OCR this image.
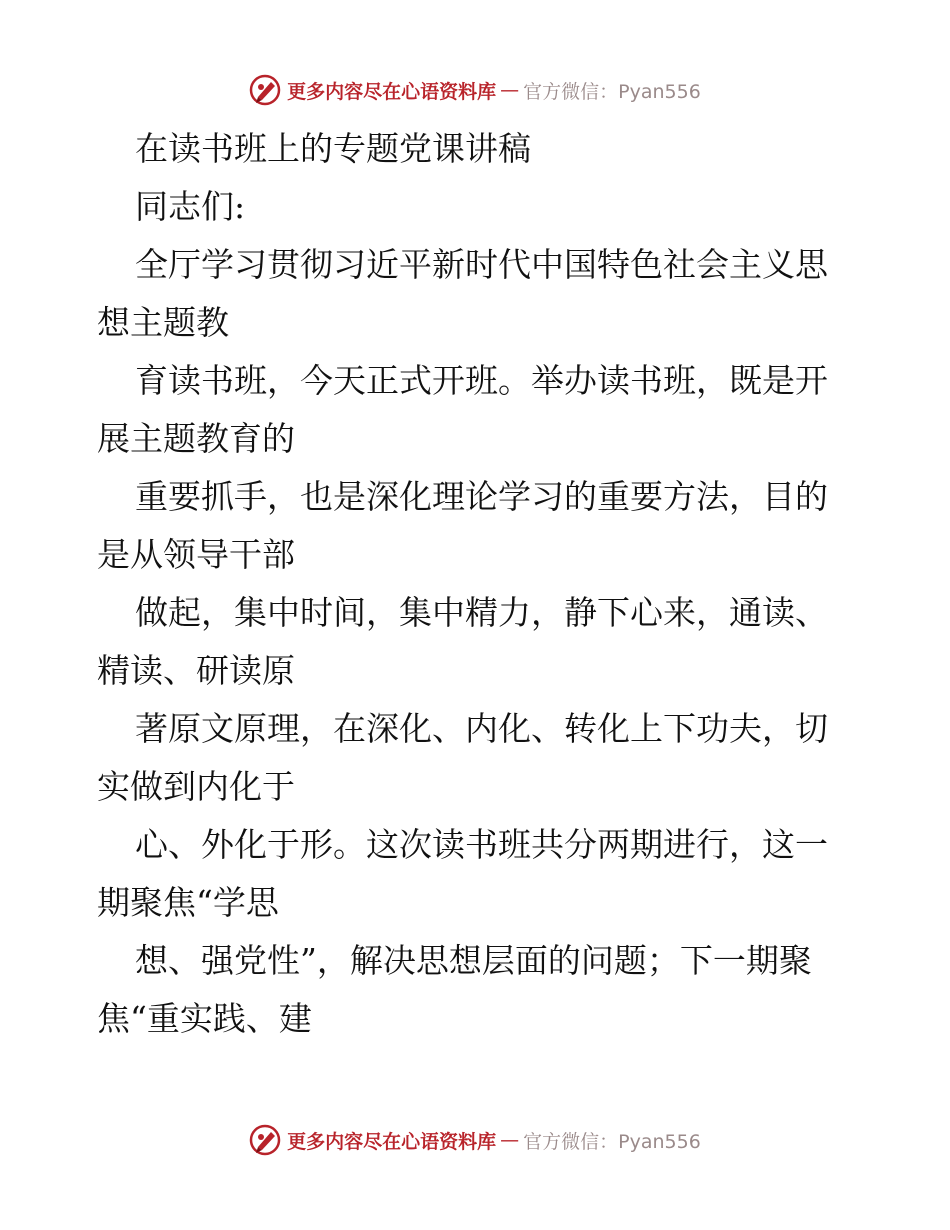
更多内容尽在心语资料库 — 官方微信：Pyan556

在读书班上的专题党课讲稿

同志们:

全厅学习贯彻习近平新时代中国特色社会主义思

想主题教

育读书班，今天正式开班。举办读书班，既是开

展主题教育的

重要抓手，也是深化理论学习的重要方法，目的

是从领导干部

做起，集中时间，集中精力，静下心来，通读、

精读、研读原

著原文原理，在深化、内化、转化上下功夫，切

实做到内化于

心、外化于形。这次读书班共分两期进行，这一

期聚焦“学思

想、强党性”，解决思想层面的问题；下一期聚

焦“重实践、建

更多内容尽在心语资料库 — 官方微信：Pyan556
